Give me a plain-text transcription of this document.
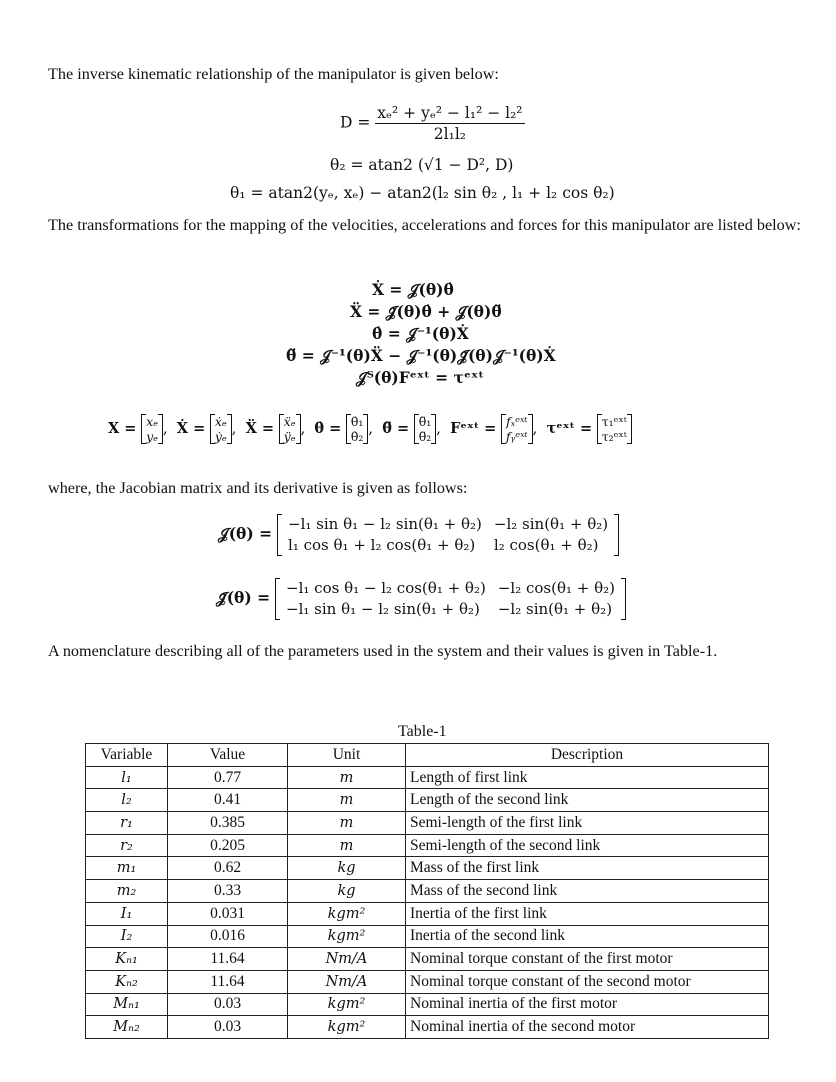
The inverse kinematic relationship of the manipulator is given below:
$D = \frac{\text{xₑ² + yₑ² − l₁² − l₂²}}{\text{2l₁l₂}}$
θ₂ = atan2 (√1 − D², D)
θ₁ = atan2(yₑ, xₑ) − atan2(l₂ sin θ₂ , l₁ + l₂ cos θ₂)
The transformations for the mapping of the velocities, accelerations and forces for this manipulator are listed below:
Ẋ = 𝒥(θ)θ̇
Ẍ = 𝒥̇(θ)θ̇ + 𝒥(θ)θ̈
θ̇ = 𝒥⁻¹(θ)Ẋ
θ̈ = 𝒥⁻¹(θ)Ẍ − 𝒥⁻¹(θ)𝒥̇(θ)𝒥⁻¹(θ)Ẋ
𝒥ᵀ(θ)Fᵉˣᵗ = τᵉˣᵗ
X = xₑ
yₑ ,  Ẋ = ẋₑ
ẏₑ ,  Ẍ = ẍₑ
ÿₑ ,  θ̇ = θ̇₁
θ̇₂ ,  θ̈ = θ̈₁
θ̈₂ ,  Fᵉˣᵗ = fₓᵉˣᵗ
fᵧᵉˣᵗ ,  τᵉˣᵗ = τ₁ᵉˣᵗ
τ₂ᵉˣᵗ
where, the Jacobian matrix and its derivative is given as follows:
𝒥(θ) = −l₁ sin θ₁ − l₂ sin(θ₁ + θ₂)	−l₂ sin(θ₁ + θ₂)
l₁ cos θ₁ + l₂ cos(θ₁ + θ₂)	l₂ cos(θ₁ + θ₂)
𝒥̇(θ) = −l₁ cos θ₁ − l₂ cos(θ₁ + θ₂)	−l₂ cos(θ₁ + θ₂)
−l₁ sin θ₁ − l₂ sin(θ₁ + θ₂)	−l₂ sin(θ₁ + θ₂)
A nomenclature describing all of the parameters used in the system and their values is given in Table-1.
Table-1
Variable	Value	Unit	Description
l₁	0.77	m	Length of first link
l₂	0.41	m	Length of the second link
r₁	0.385	m	Semi-length of the first link
r₂	0.205	m	Semi-length of the second link
m₁	0.62	kg	Mass of the first link
m₂	0.33	kg	Mass of the second link
I₁	0.031	kgm²	Inertia of the first link
I₂	0.016	kgm²	Inertia of the second link
Kₙ₁	11.64	Nm/A	Nominal torque constant of the first motor
Kₙ₂	11.64	Nm/A	Nominal torque constant of the second motor
Mₙ₁	0.03	kgm²	Nominal inertia of the first motor
Mₙ₂	0.03	kgm²	Nominal inertia of the second motor
